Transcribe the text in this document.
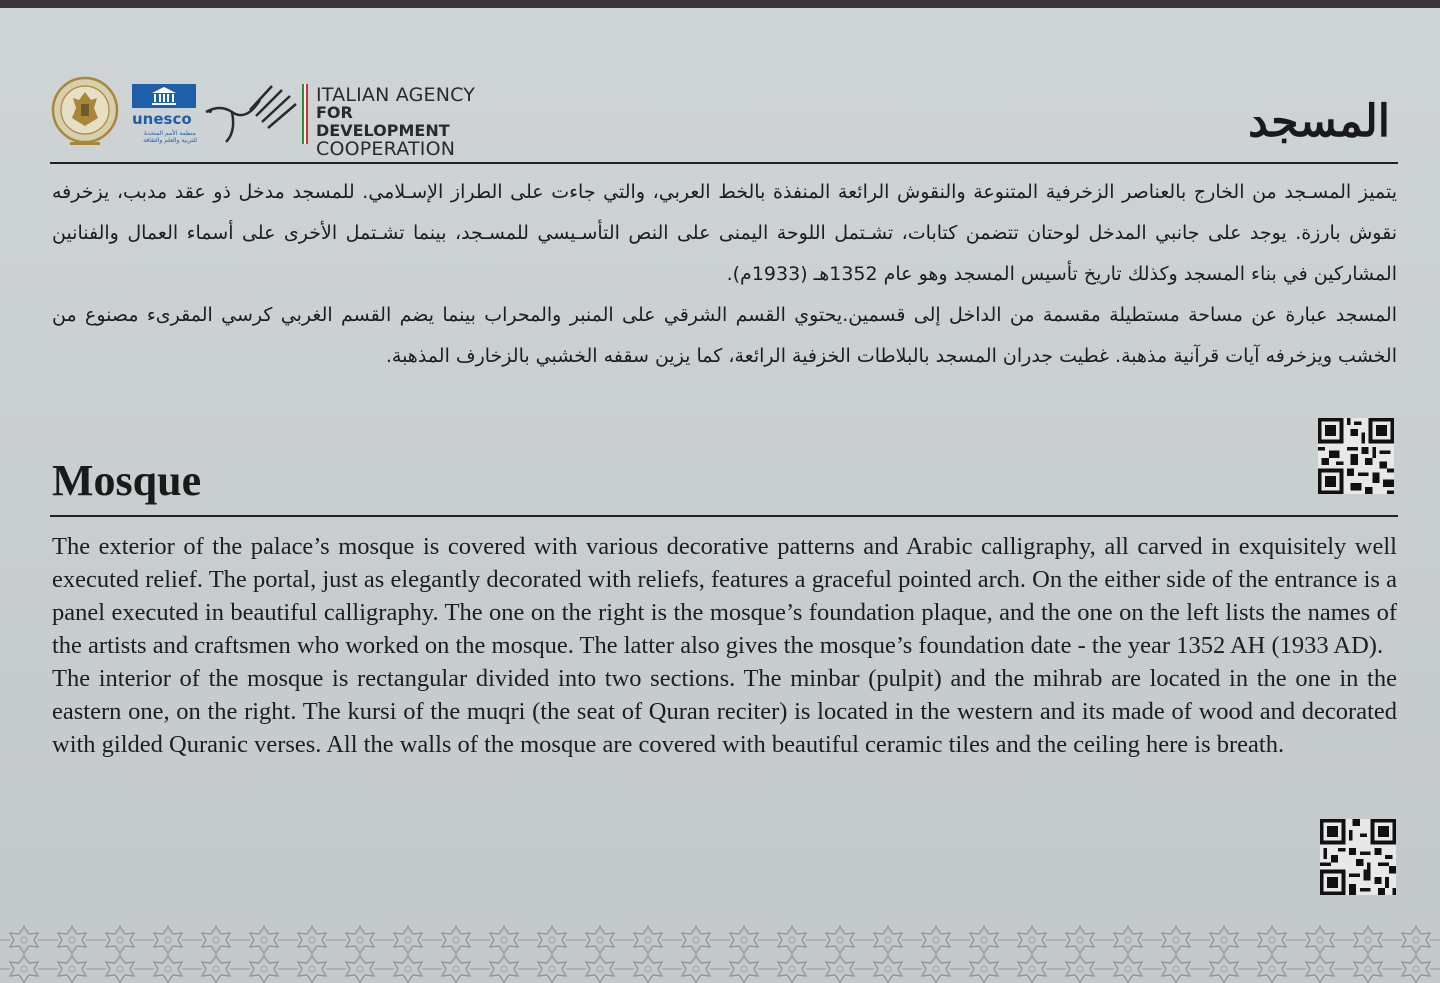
unesco
منظمة الأمم المتحدة للتربية والعلم والثقافة
ITALIAN AGENCY
FOR DEVELOPMENT
COOPERATION
المسجد

يتميز المسـجد من الخارج بالعناصر الزخرفية المتنوعة والنقوش الرائعة المنفذة بالخط العربي، والتي جاءت على الطراز الإسـلامي. للمسجد مدخل ذو عقد مدبب، يزخرفه نقوش بارزة. يوجد على جانبي المدخل لوحتان تتضمن كتابات، تشـتمل اللوحة اليمنى على النص التأسـيسي للمسـجد، بينما تشـتمل الأخرى على أسماء العمال والفنانين المشاركين في بناء المسجد وكذلك تاريخ تأسيس المسجد وهو عام 1352هـ (1933م).

المسجد عبارة عن مساحة مستطيلة مقسمة من الداخل إلى قسمين.يحتوي القسم الشرقي على المنبر والمحراب بينما يضم القسم الغربي كرسي المقرىء مصنوع من الخشب ويزخرفه آيات قرآنية مذهبة. غطيت جدران المسجد بالبلاطات الخزفية الرائعة، كما يزين سقفه الخشبي بالزخارف المذهبة.

Mosque

The exterior of the palace’s mosque is covered with various decorative patterns and Arabic calligraphy, all carved in exquisitely well executed relief. The portal, just as elegantly decorated with reliefs, features a graceful pointed arch. On the either side of the entrance is a panel executed in beautiful calligraphy. The one on the right is the mosque’s foundation plaque, and the one on the left lists the names of the artists and craftsmen who worked on the mosque. The latter also gives the mosque’s foundation date - the year 1352 AH (1933 AD).

The interior of the mosque is rectangular divided into two sections. The minbar (pulpit) and the mihrab are located in the one in the eastern one, on the right. The kursi of the muqri (the seat of Quran reciter) is located in the western and its made of wood and decorated with gilded Quranic verses. All the walls of the mosque are covered with beautiful ceramic tiles and the ceiling here is breath.
